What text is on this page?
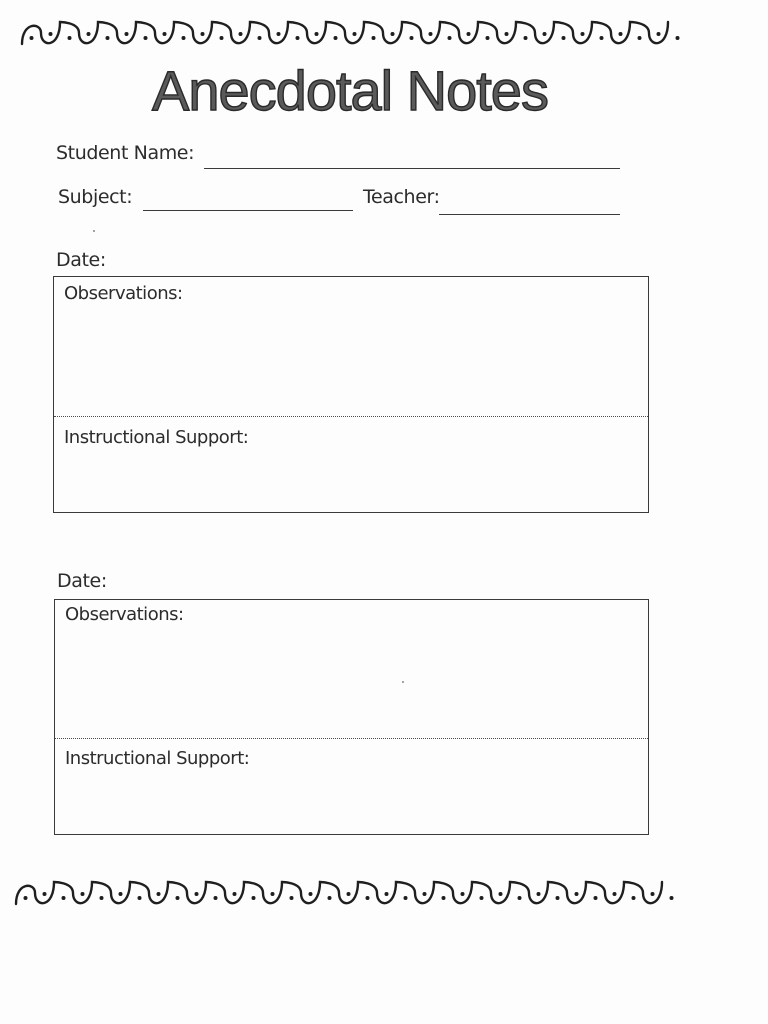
Anecdotal Notes
Student Name:
Subject:	Teacher:
Date:
Observations:
Instructional Support:
Date:
Observations:
Instructional Support:
